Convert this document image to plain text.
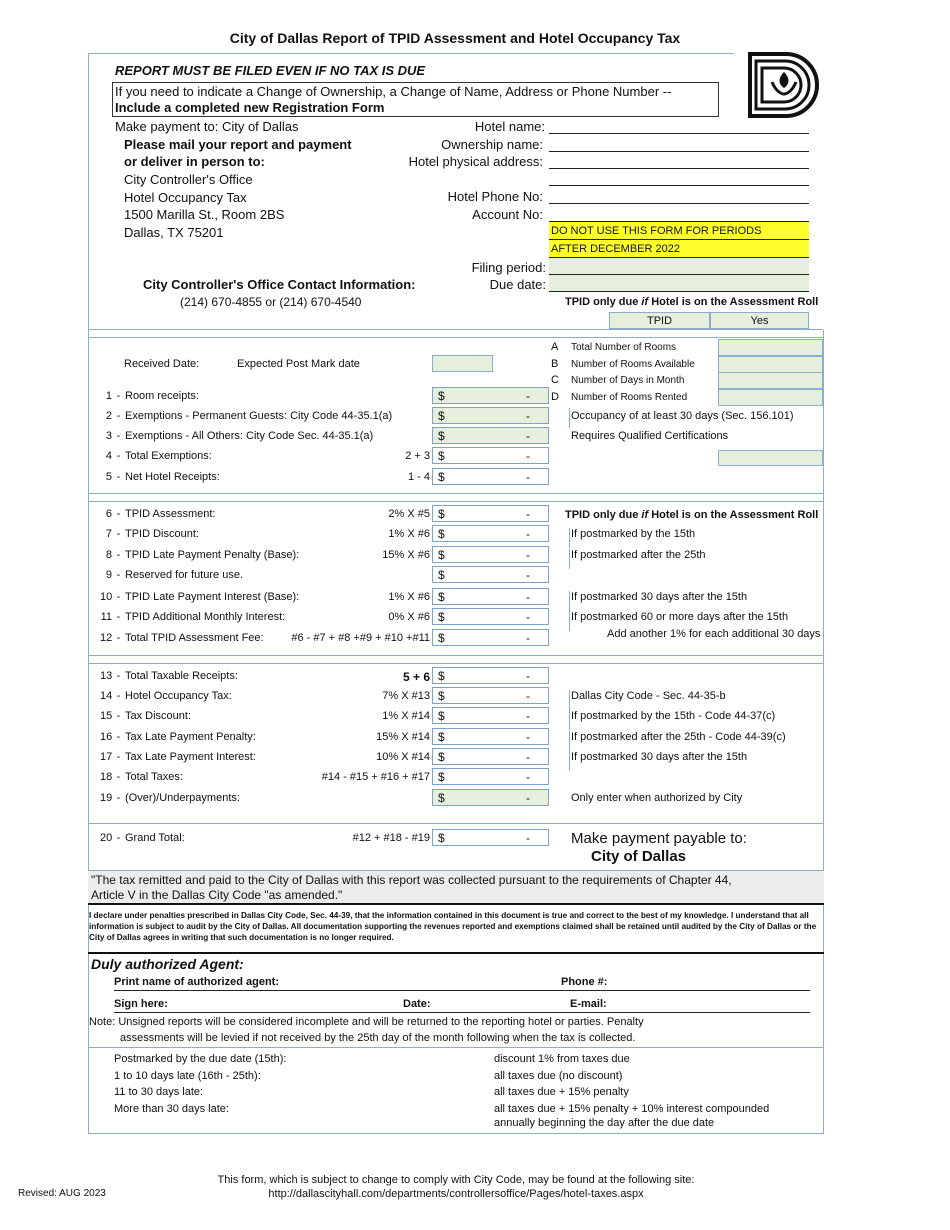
City of Dallas Report of TPID Assessment and Hotel Occupancy Tax
REPORT MUST BE FILED EVEN IF NO TAX IS DUE
If you need to indicate a Change of Ownership, a Change of Name, Address or Phone Number --
Include a completed new Registration Form
Make payment to: City of Dallas
Please mail your report and payment
or deliver in person to:
City Controller's Office
Hotel Occupancy Tax
1500 Marilla St., Room 2BS
Dallas, TX 75201
City Controller's Office Contact Information:
(214) 670-4855 or (214) 670-4540
Hotel name:
Ownership name:
Hotel physical address:
Hotel Phone No:
Account No:
DO NOT USE THIS FORM FOR PERIODS
AFTER DECEMBER 2022
Filing period:
Due date:
TPID only due if Hotel is on the Assessment Roll
TPID	Yes
Received Date:	Expected Post Mark date
A Total Number of Rooms
B Number of Rooms Available
C Number of Days in Month
D Number of Rooms Rented
1 - Room receipts:	$	-
2 - Exemptions - Permanent Guests: City Code 44-35.1(a)	$	-	Occupancy of at least 30 days (Sec. 156.101)
3 - Exemptions - All Others: City Code Sec. 44-35.1(a)	$	-	Requires Qualified Certifications
4 - Total Exemptions:	2 + 3 $	-
5 - Net Hotel Receipts:	1 - 4 $	-
6 - TPID Assessment:	2% X #5 $	-
7 - TPID Discount:	1% X #6 $	-	If postmarked by the 15th
8 - TPID Late Payment Penalty (Base):	15% X #6 $	-	If postmarked after the 25th
9 - Reserved for future use.	$	-
10 - TPID Late Payment Interest (Base):	1% X #6 $	-	If postmarked 30 days after the 15th
11 - TPID Additional Monthly Interest:	0% X #6 $	-	If postmarked 60 or more days after the 15th
12 - Total TPID Assessment Fee:	#6 - #7 + #8 +#9 + #10 +#11 $	-
13 - Total Taxable Receipts:	5 + 6 $	-
14 - Hotel Occupancy Tax:	7% X #13 $	-	Dallas City Code - Sec. 44-35-b
15 - Tax Discount:	1% X #14 $	-	If postmarked by the 15th - Code 44-37(c)
16 - Tax Late Payment Penalty:	15% X #14 $	-	If postmarked after the 25th - Code 44-39(c)
17 - Tax Late Payment Interest:	10% X #14 $	-	If postmarked 30 days after the 15th
18 - Total Taxes:	#14 - #15 + #16 + #17 $	-
19 - (Over)/Underpayments:	$	-	Only enter when authorized by City
20 - Grand Total:	#12 + #18 - #19 $	-
TPID only due if Hotel is on the Assessment Roll
Add another 1% for each additional 30 days
Make payment payable to:
City of Dallas
"The tax remitted and paid to the City of Dallas with this report was collected pursuant to the requirements of Chapter 44,
Article V in the Dallas City Code "as amended."
I declare under penalties prescribed in Dallas City Code, Sec. 44-39, that the information contained in this document is true and correct to the best of my knowledge. I understand that all information is subject to audit by the City of Dallas. All documentation supporting the revenues reported and exemptions claimed shall be retained until audited by the City of Dallas or the City of Dallas agrees in writing that such documentation is no longer required.
Duly authorized Agent:
Print name of authorized agent:	Phone #:
Sign here:	Date:	E-mail:
Note: Unsigned reports will be considered incomplete and will be returned to the reporting hotel or parties. Penalty
assessments will be levied if not received by the 25th day of the month following when the tax is collected.
Postmarked by the due date (15th):	discount 1% from taxes due
1 to 10 days late (16th - 25th):	all taxes due (no discount)
11 to 30 days late:	all taxes due + 15% penalty
More than 30 days late:	all taxes due + 15% penalty + 10% interest compounded
annually beginning the day after the due date
This form, which is subject to change to comply with City Code, may be found at the following site:
http://dallascityhall.com/departments/controllersoffice/Pages/hotel-taxes.aspx
Revised: AUG 2023
